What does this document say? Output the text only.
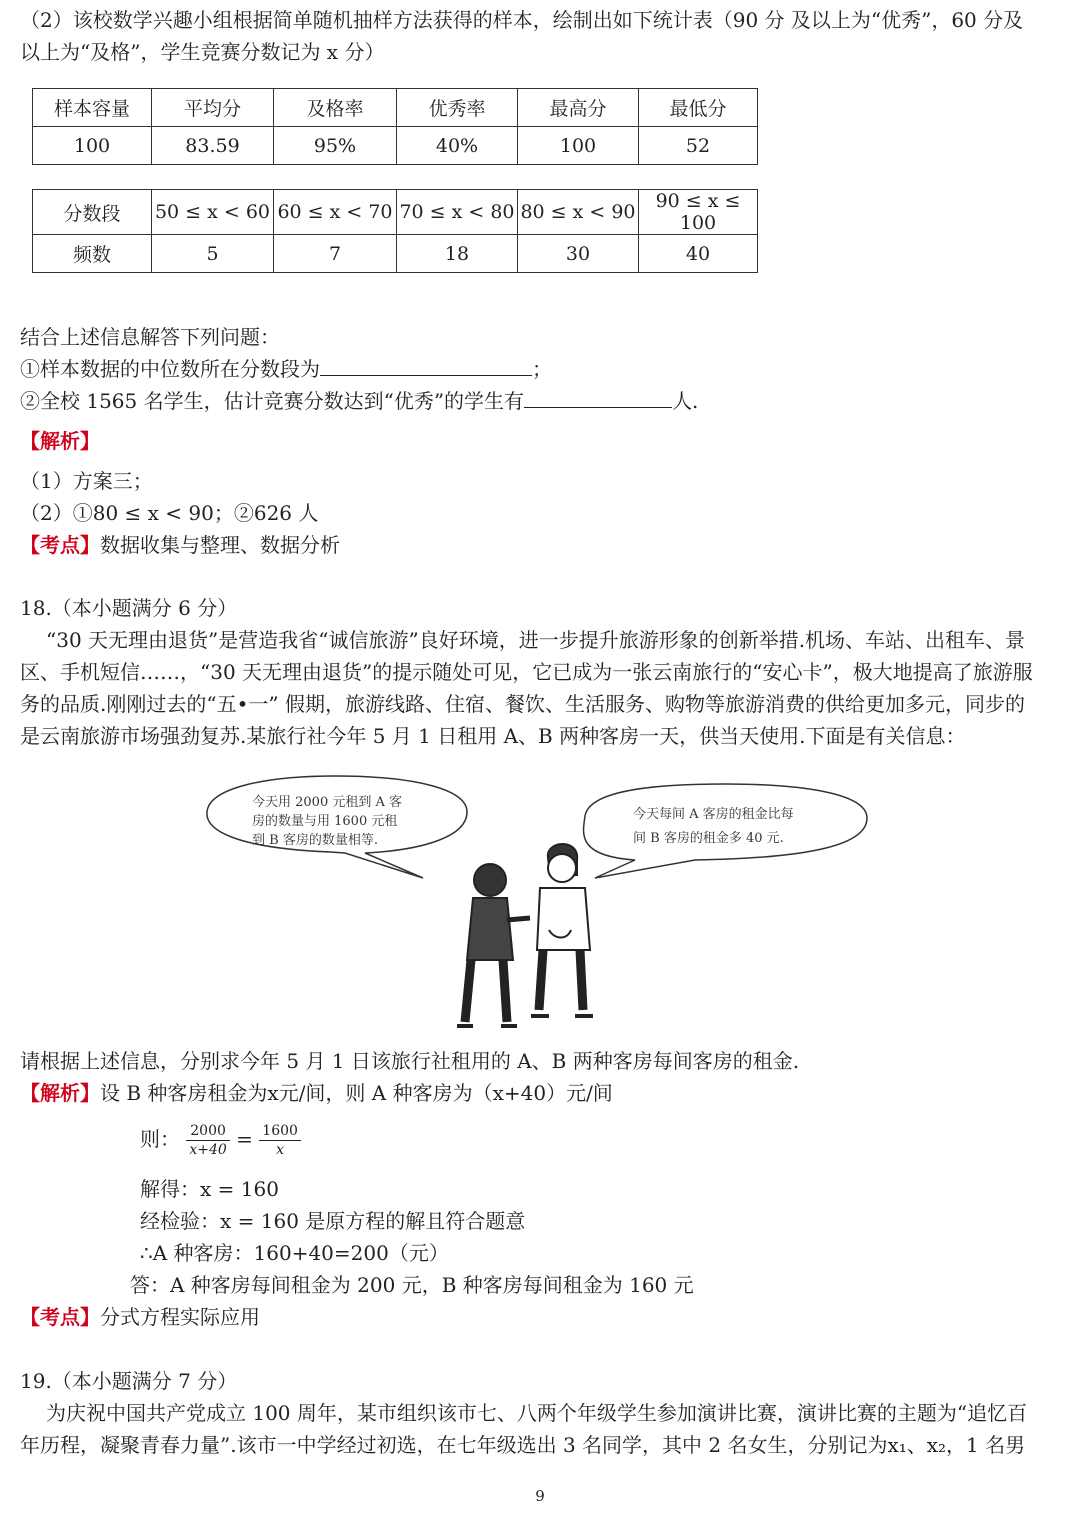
（2）该校数学兴趣小组根据简单随机抽样方法获得的样本，绘制出如下统计表（90 分 及以上为“优秀”，60 分及
以上为“及格”，学生竞赛分数记为 x 分）
样本容量	平均分	及格率	优秀率	最高分	最低分
100	83.59	95%	40%	100	52
分数段	50 ≤ x < 60	60 ≤ x < 70	70 ≤ x < 80	80 ≤ x < 90	90 ≤ x ≤ 100
频数	5	7	18	30	40
结合上述信息解答下列问题：
①样本数据的中位数所在分数段为	；
②全校 1565 名学生，估计竞赛分数达到“优秀”的学生有	人.
【解析】
（1）方案三；
（2）①80 ≤ x < 90；②626 人
【考点】数据收集与整理、数据分析
18.（本小题满分 6 分）
“30 天无理由退货”是营造我省“诚信旅游”良好环境，进一步提升旅游形象的创新举措.机场、车站、出租车、景
区、手机短信……，“30 天无理由退货”的提示随处可见，它已成为一张云南旅行的“安心卡”，极大地提高了旅游服
务的品质.刚刚过去的“五•一” 假期，旅游线路、住宿、餐饮、生活服务、购物等旅游消费的供给更加多元，同步的
是云南旅游市场强劲复苏.某旅行社今年 5 月 1 日租用 A、B 两种客房一天，供当天使用.下面是有关信息：
今天用 2000 元租到 A 客
房的数量与用 1600 元租
到 B 客房的数量相等.
今天每间 A 客房的租金比每
间 B 客房的租金多 40 元.
请根据上述信息，分别求今年 5 月 1 日该旅行社租用的 A、B 两种客房每间客房的租金.
【解析】设 B 种客房租金为x元/间，则 A 种客房为（x+40）元/间
则： $\frac{2000}{x+40} = \frac{1600}{x}$
解得：x = 160
经检验：x = 160 是原方程的解且符合题意
∴A 种客房：160+40=200（元）
答：A 种客房每间租金为 200 元，B 种客房每间租金为 160 元
【考点】分式方程实际应用
19.（本小题满分 7 分）
为庆祝中国共产党成立 100 周年，某市组织该市七、八两个年级学生参加演讲比赛，演讲比赛的主题为“追忆百
年历程，凝聚青春力量”.该市一中学经过初选，在七年级选出 3 名同学，其中 2 名女生，分别记为x₁、x₂，1 名男
9
